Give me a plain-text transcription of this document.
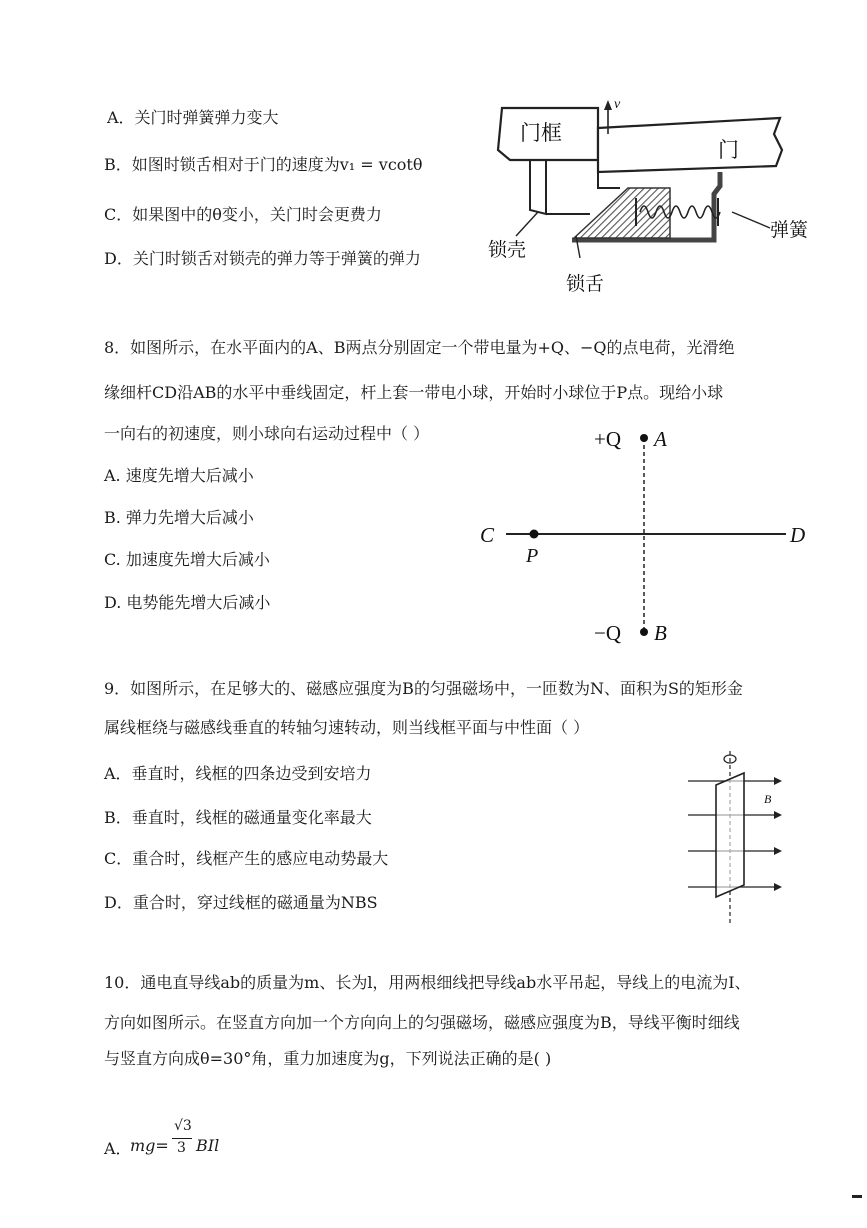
A．关门时弹簧弹力变大
B．如图时锁舌相对于门的速度为v₁ = vcotθ
C．如果图中的θ变小，关门时会更费力
D．关门时锁舌对锁壳的弹力等于弹簧的弹力
门框
门
v
弹簧
锁壳
锁舌
8．如图所示，在水平面内的A、B两点分别固定一个带电量为+Q、−Q的点电荷，光滑绝
缘细杆CD沿AB的水平中垂线固定，杆上套一带电小球，开始时小球位于P点。现给小球
一向右的初速度，则小球向右运动过程中（ ）
A. 速度先增大后减小
B. 弹力先增大后减小
C. 加速度先增大后减小
D. 电势能先增大后减小
+Q A
−Q B
C	D
P
9．如图所示，在足够大的、磁感应强度为B的匀强磁场中，一匝数为N、面积为S的矩形金
属线框绕与磁感线垂直的转轴匀速转动，则当线框平面与中性面（ ）
A．垂直时，线框的四条边受到安培力
B．垂直时，线框的磁通量变化率最大
C．重合时，线框产生的感应电动势最大
D．重合时，穿过线框的磁通量为NBS
B
10．通电直导线ab的质量为m、长为l，用两根细线把导线ab水平吊起，导线上的电流为I、
方向如图所示。在竖直方向加一个方向向上的匀强磁场，磁感应强度为B，导线平衡时细线
与竖直方向成θ=30°角，重力加速度为g，下列说法正确的是( )
A．
mg=
√3
3 BIl
